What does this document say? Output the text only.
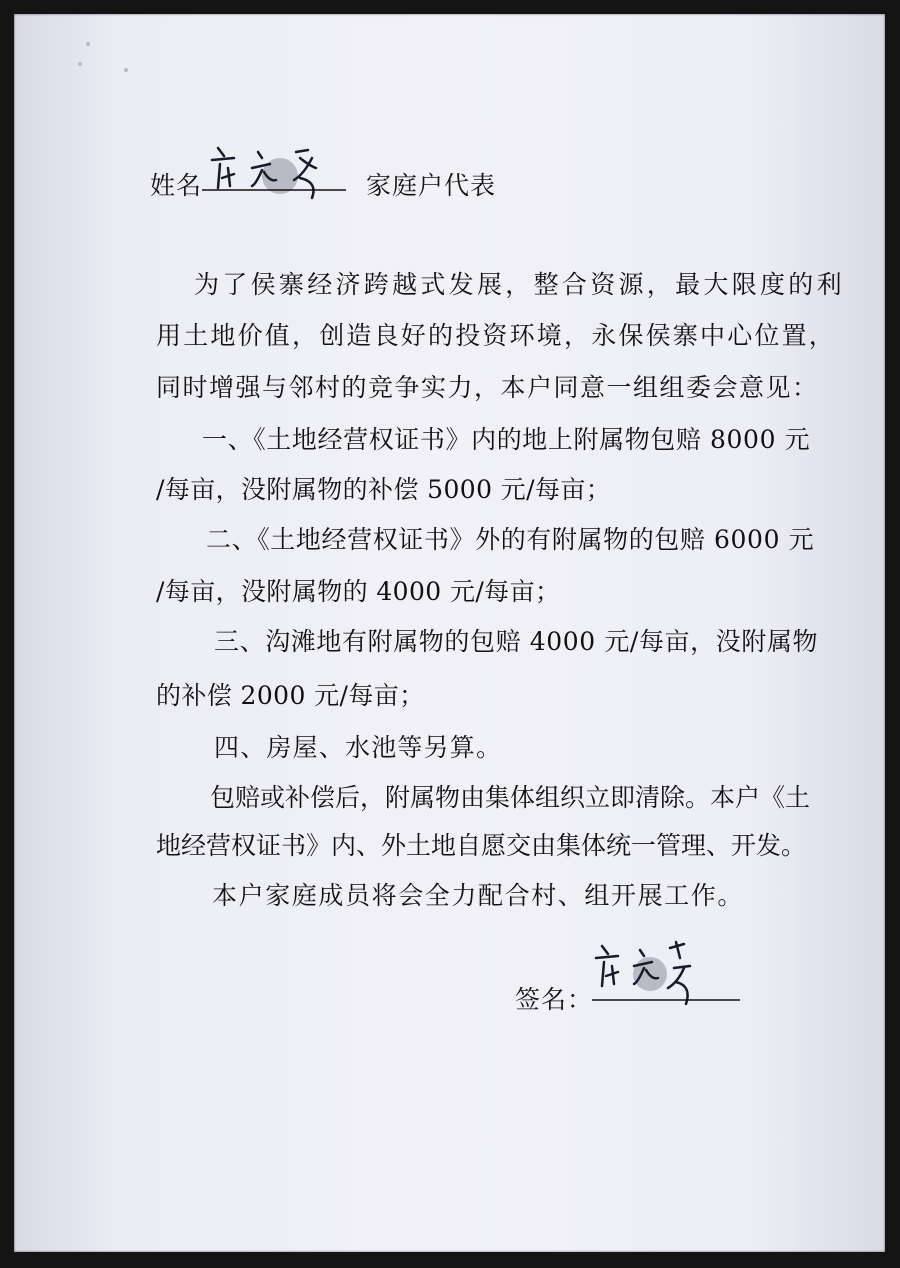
姓名	家庭户代表
为了侯寨经济跨越式发展，整合资源，最大限度的利
用土地价值，创造良好的投资环境，永保侯寨中心位置，
同时增强与邻村的竞争实力，本户同意一组组委会意见：
一、《土地经营权证书》内的地上附属物包赔 8000 元
/每亩，没附属物的补偿 5000 元/每亩；
二、《土地经营权证书》外的有附属物的包赔 6000 元
/每亩，没附属物的 4000 元/每亩；
三、沟滩地有附属物的包赔 4000 元/每亩，没附属物
的补偿 2000 元/每亩；
四、房屋、水池等另算。
包赔或补偿后，附属物由集体组织立即清除。本户《土
地经营权证书》内、外土地自愿交由集体统一管理、开发。
本户家庭成员将会全力配合村、组开展工作。
签名：
